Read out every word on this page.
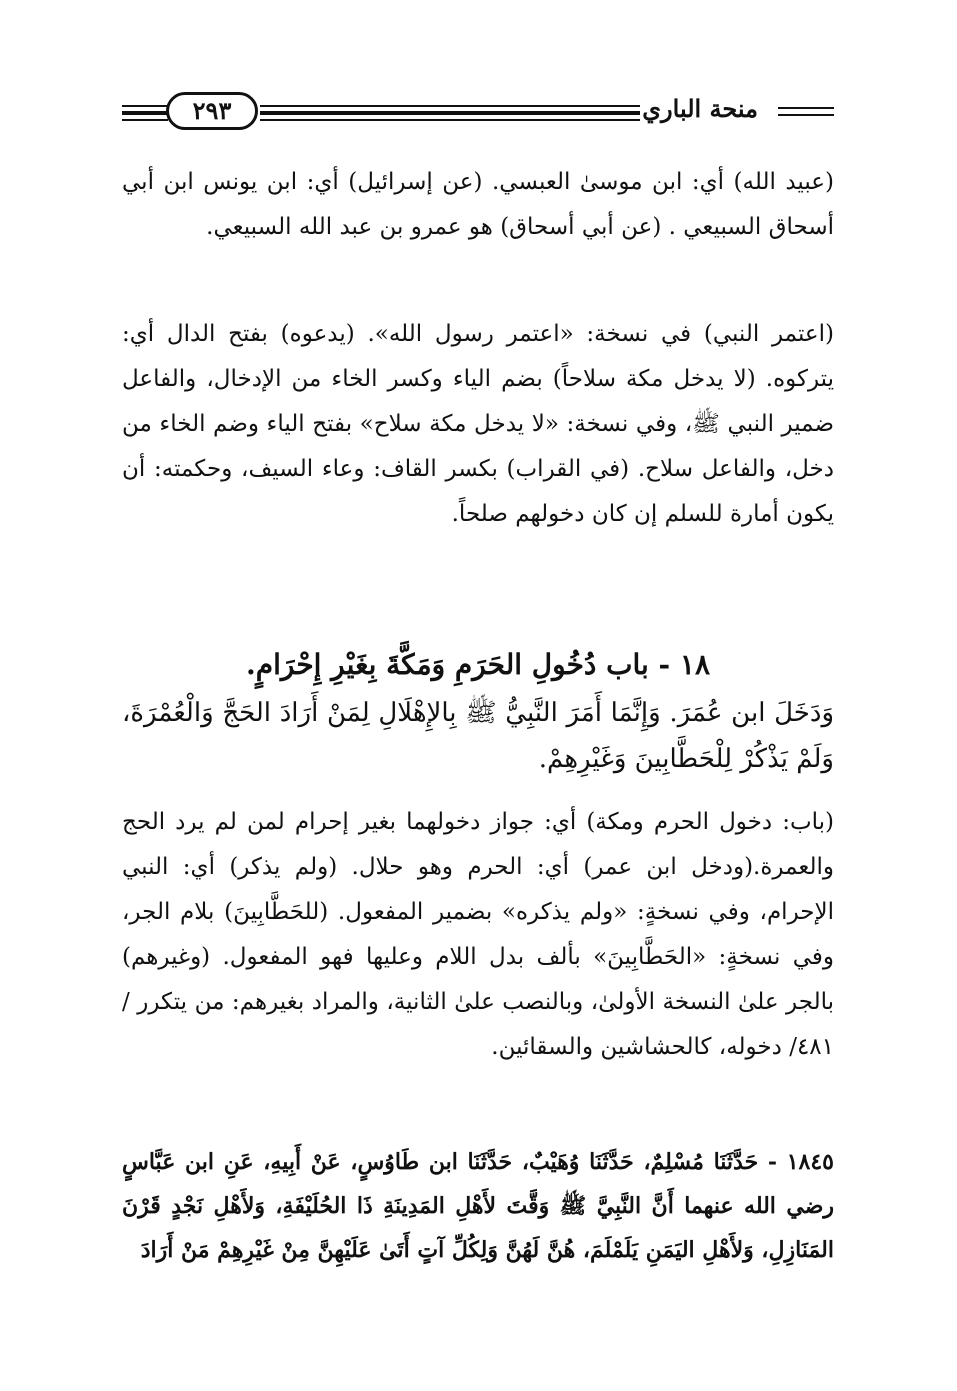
منحة الباري
٢٩٣

(عبيد الله) أي: ابن موسىٰ العبسي. (عن إسرائيل) أي: ابن يونس ابن أبي أسحاق السبيعي . (عن أبي أسحاق) هو عمرو بن عبد الله السبيعي.

(اعتمر النبي) في نسخة: «اعتمر رسول الله». (يدعوه) بفتح الدال أي: يتركوه. (لا يدخل مكة سلاحاً) بضم الياء وكسر الخاء من الإدخال، والفاعل ضمير النبي ﷺ، وفي نسخة: «لا يدخل مكة سلاح» بفتح الياء وضم الخاء من دخل، والفاعل سلاح. (في القراب) بكسر القاف: وعاء السيف، وحكمته: أن يكون أمارة للسلم إن كان دخولهم صلحاً.

١٨ - باب دُخُولِ الحَرَمِ وَمَكَّةَ بِغَيْرِ إِحْرَامٍ.

وَدَخَلَ ابن عُمَرَ. وَإِنَّمَا أَمَرَ النَّبِيُّ ﷺ بِالإِهْلَالِ لِمَنْ أَرَادَ الحَجَّ وَالْعُمْرَةَ، وَلَمْ يَذْكُرْ لِلْحَطَّابِينَ وَغَيْرِهِمْ.

(باب: دخول الحرم ومكة) أي: جواز دخولهما بغير إحرام لمن لم يرد الحج والعمرة.(ودخل ابن عمر) أي: الحرم وهو حلال. (ولم يذكر) أي: النبي الإحرام، وفي نسخةٍ: «ولم يذكره» بضمير المفعول. (للحَطَّابِينَ) بلام الجر، وفي نسخةٍ: «الحَطَّابِينَ» بألف بدل اللام وعليها فهو المفعول. (وغيرهم) بالجر علىٰ النسخة الأولىٰ، وبالنصب علىٰ الثانية، والمراد بغيرهم: من يتكرر /٤٨١/ دخوله، كالحشاشين والسقائين.

١٨٤٥ - حَدَّثَنَا مُسْلِمٌ، حَدَّثَنَا وُهَيْبٌ، حَدَّثَنَا ابن طَاوُسٍ، عَنْ أَبِيهِ، عَنِ ابن عَبَّاسٍ رضي الله عنهما أَنَّ النَّبِيَّ ﷺ وَقَّتَ لأَهْلِ المَدِينَةِ ذَا الحُلَيْفَةِ، وَلأَهْلِ نَجْدٍ قَرْنَ المَنَازِلِ، وَلأَهْلِ اليَمَنِ يَلَمْلَمَ، هُنَّ لَهُنَّ وَلِكُلِّ آتٍ أَتَىٰ عَلَيْهِنَّ مِنْ غَيْرِهِمْ مَنْ أَرَادَ
